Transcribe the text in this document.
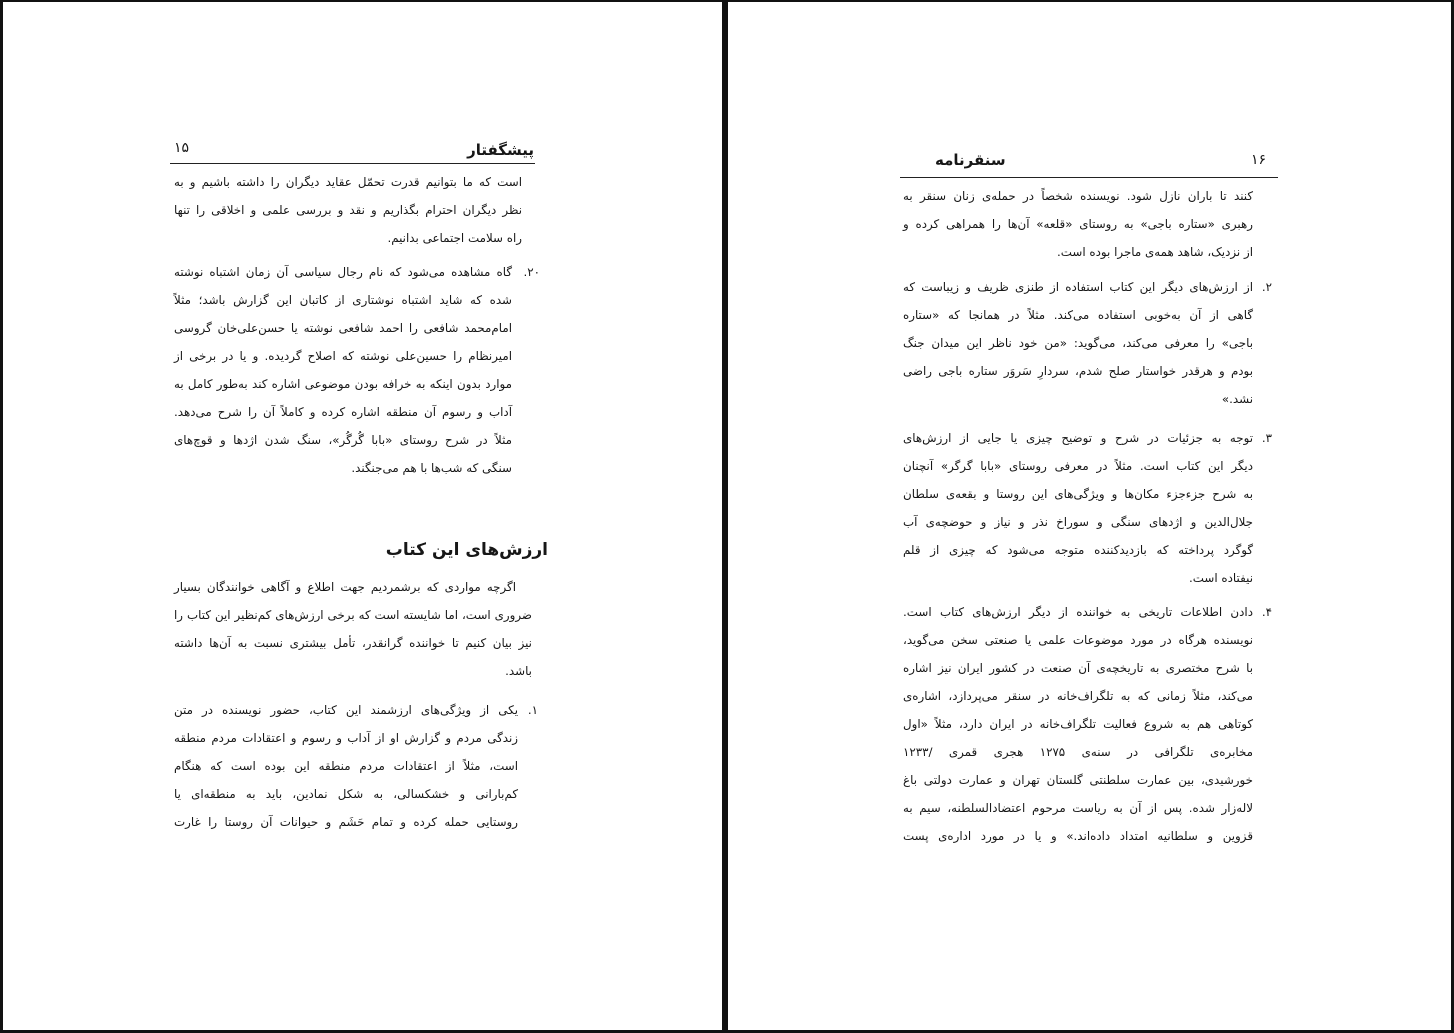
پیشگفتار
۱۵
است که ما بتوانیم قدرت تحمّل عقاید دیگران را داشته باشیم و به
نظر دیگران احترام بگذاریم و نقد و بررسی علمی و اخلاقی را تنها
راه سلامت اجتماعی بدانیم.
۲۰.
گاه مشاهده می‌شود که نام رجال سیاسی آن زمان اشتباه نوشته
شده که شاید اشتباه نوشتاری از کاتبان این گزارش باشد؛ مثلاً
امام‌محمد شافعی را احمد شافعی نوشته یا حسن‌علی‌خان گروسی
امیرنظام را حسین‌علی نوشته که اصلاح گردیده. و یا در برخی از
موارد بدون اینکه به خرافه بودن موضوعی اشاره کند به‌طور کامل به
آداب و رسوم آن منطقه اشاره کرده و کاملاً آن را شرح می‌دهد.
مثلاً در شرح روستای «بابا گُرگُر»، سنگ شدن اژدها و قوچ‌های
سنگی که شب‌ها با هم می‌جنگند.
ارزش‌های این کتاب
اگرچه مواردی که برشمردیم جهت اطلاع و آگاهی خوانندگان بسیار
ضروری است، اما شایسته است که برخی ارزش‌های کم‌نظیر این کتاب را
نیز بیان کنیم تا خواننده گرانقدر، تأمل بیشتری نسبت به آن‌ها داشته
باشد.
۱.
یکی از ویژگی‌های ارزشمند این کتاب، حضور نویسنده در متن
زندگی مردم و گزارش او از آداب و رسوم و اعتقادات مردم منطقه
است، مثلاً از اعتقادات مردم منطقه این بوده است که هنگام
کم‌بارانی و خشکسالی، به شکل نمادین، باید به منطقه‌ای یا
روستایی حمله کرده و تمام حَشَم و حیوانات آن روستا را غارت
۱۶
سنقرنامه
کنند تا باران نازل شود. نویسنده شخصاً در حمله‌ی زنان سنقر به
رهبری «ستاره باجی» به روستای «قلعه» آن‌ها را همراهی کرده و
از نزدیک، شاهد همه‌ی ماجرا بوده است.
۲.
از ارزش‌های دیگر این کتاب استفاده از طنزی ظریف و زیباست که
گاهی از آن به‌خوبی استفاده می‌کند. مثلاً در همانجا که «ستاره
باجی» را معرفی می‌کند، می‌گوید: «من خود ناظر این میدان جنگ
بودم و هرقدر خواستار صلح شدم، سردارِ سَروَر ستاره باجی راضی
نشد.»
۳.
توجه به جزئیات در شرح و توضیح چیزی یا جایی از ارزش‌های
دیگر این کتاب است. مثلاً در معرفی روستای «بابا گرگر» آنچنان
به شرح جزءجزء مکان‌ها و ویژگی‌های این روستا و بقعه‌ی سلطان
جلال‌الدین و اژدهای سنگی و سوراخ نذر و نیاز و حوضچه‌ی آب
گوگرد پرداخته که بازدیدکننده متوجه می‌شود که چیزی از قلم
نیفتاده است.
۴.
دادن اطلاعات تاریخی به خواننده از دیگر ارزش‌های کتاب است.
نویسنده هرگاه در مورد موضوعات علمی یا صنعتی سخن می‌گوید،
با شرح مختصری به تاریخچه‌ی آن صنعت در کشور ایران نیز اشاره
می‌کند، مثلاً زمانی که به تلگراف‌خانه در سنقر می‌پردازد، اشاره‌ی
کوتاهی هم به شروع فعالیت تلگراف‌خانه در ایران دارد، مثلاً «اول
مخابره‌ی تلگرافی در سنه‌ی ۱۲۷۵ هجری قمری /۱۲۳۳
خورشیدی، بین عمارت سلطنتی گلستان تهران و عمارت دولتی باغ
لاله‌زار شده. پس از آن به ریاست مرحوم اعتضادالسلطنه، سیم به
قزوین و سلطانیه امتداد داده‌اند.» و یا در مورد اداره‌ی پست
